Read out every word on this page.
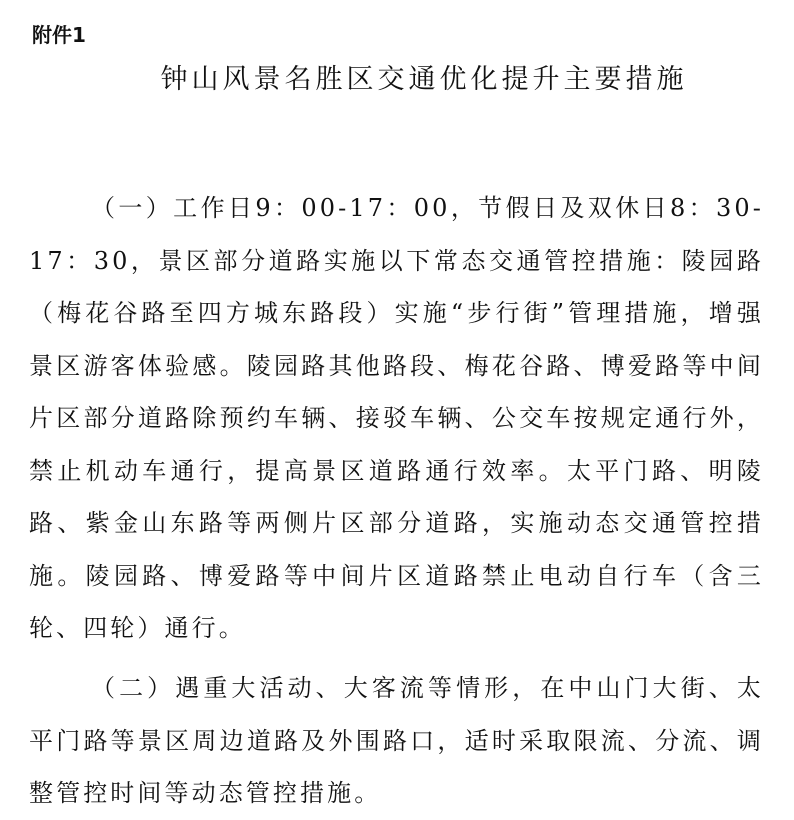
附件1
钟山风景名胜区交通优化提升主要措施

（一）工作日9：00-17：00，节假日及双休日8：30-17：30，景区部分道路实施以下常态交通管控措施：陵园路（梅花谷路至四方城东路段）实施“步行街”管理措施，增强景区游客体验感。陵园路其他路段、梅花谷路、博爱路等中间片区部分道路除预约车辆、接驳车辆、公交车按规定通行外，禁止机动车通行，提高景区道路通行效率。太平门路、明陵路、紫金山东路等两侧片区部分道路，实施动态交通管控措施。陵园路、博爱路等中间片区道路禁止电动自行车（含三轮、四轮）通行。

（二）遇重大活动、大客流等情形，在中山门大街、太平门路等景区周边道路及外围路口，适时采取限流、分流、调整管控时间等动态管控措施。
